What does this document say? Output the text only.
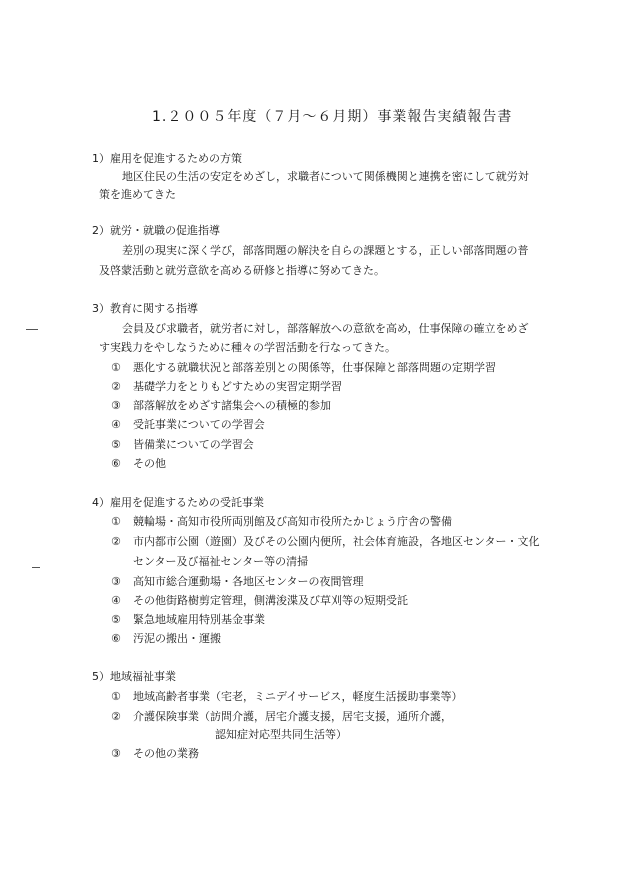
1.２００５年度（７月～６月期）事業報告実績報告書
1）雇用を促進するための方策
地区住民の生活の安定をめざし，求職者について関係機関と連携を密にして就労対
策を進めてきた
2）就労・就職の促進指導
差別の現実に深く学び，部落問題の解決を自らの課題とする，正しい部落問題の普
及啓蒙活動と就労意欲を高める研修と指導に努めてきた。
3）教育に関する指導
会員及び求職者，就労者に対し，部落解放への意欲を高め，仕事保障の確立をめざ
す実践力をやしなうために種々の学習活動を行なってきた。
① 悪化する就職状況と部落差別との関係等，仕事保障と部落問題の定期学習
② 基礎学力をとりもどすための実習定期学習
③ 部落解放をめざす諸集会への積極的参加
④ 受託事業についての学習会
⑤ 皆備業についての学習会
⑥ その他
4）雇用を促進するための受託事業
① 競輪場・高知市役所両別館及び高知市役所たかじょう庁舎の警備
② 市内都市公園（遊園）及びその公園内便所，社会体育施設，各地区センター・文化
センター及び福祉センター等の清掃
③ 高知市総合運動場・各地区センターの夜間管理
④ その他街路樹剪定管理，側溝浚渫及び草刈等の短期受託
⑤ 緊急地域雇用特別基金事業
⑥ 汚泥の搬出・運搬
5）地域福祉事業
① 地域高齢者事業（宅老，ミニデイサービス，軽度生活援助事業等）
② 介護保険事業（訪問介護，居宅介護支援，居宅支援，通所介護，
認知症対応型共同生活等）
③ その他の業務
